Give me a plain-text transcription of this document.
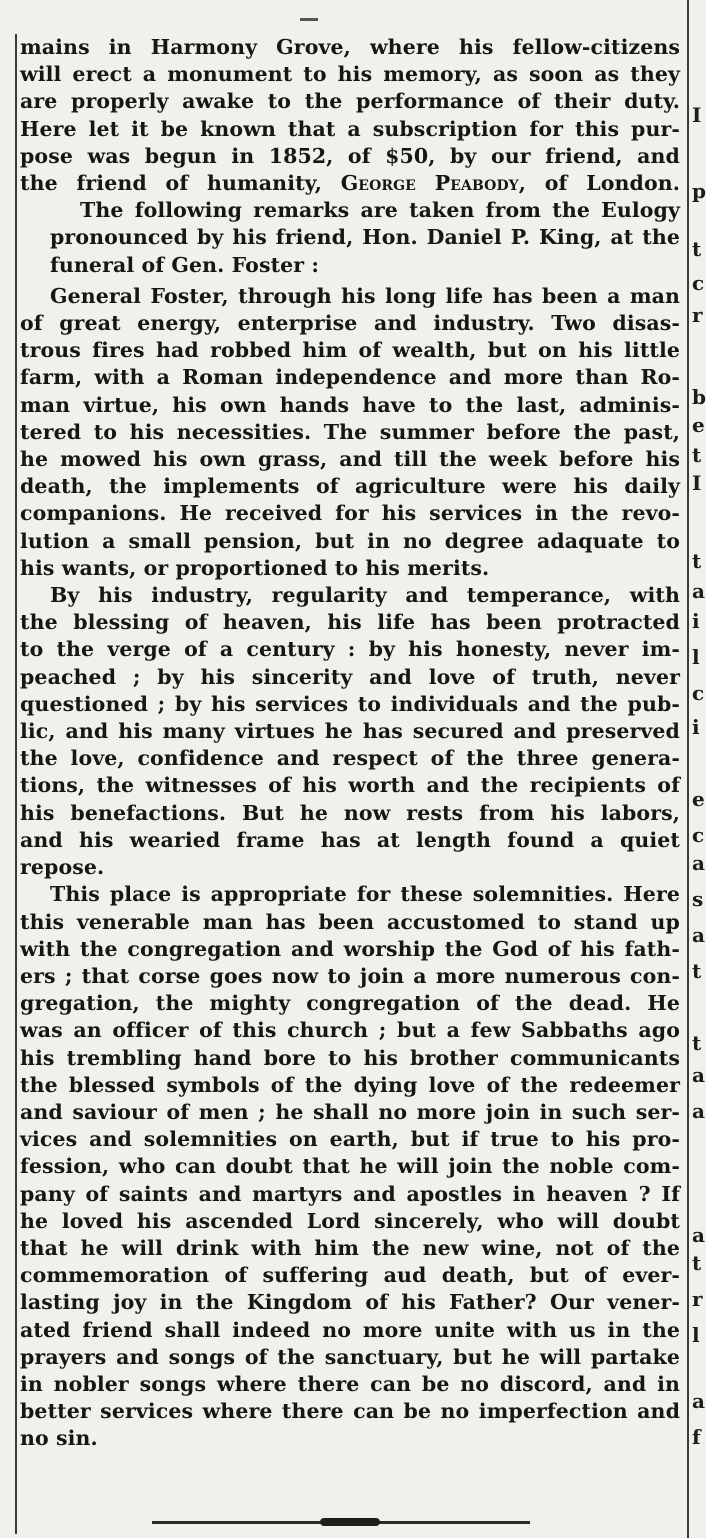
mains in Harmony Grove, where his fellow-citizens
will erect a monument to his memory, as soon as they
are properly awake to the performance of their duty.
Here let it be known that a subscription for this pur-
pose was begun in 1852, of $50, by our friend, and
the friend of humanity, George Peabody, of London.

The following remarks are taken from the Eulogy
pronounced by his friend, Hon. Daniel P. King, at the
funeral of Gen. Foster :

General Foster, through his long life has been a man
of great energy, enterprise and industry. Two disas-
trous fires had robbed him of wealth, but on his little
farm, with a Roman independence and more than Ro-
man virtue, his own hands have to the last, adminis-
tered to his necessities. The summer before the past,
he mowed his own grass, and till the week before his
death, the implements of agriculture were his daily
companions. He received for his services in the revo-
lution a small pension, but in no degree adaquate to
his wants, or proportioned to his merits.

By his industry, regularity and temperance, with
the blessing of heaven, his life has been protracted
to the verge of a century : by his honesty, never im-
peached ; by his sincerity and love of truth, never
questioned ; by his services to individuals and the pub-
lic, and his many virtues he has secured and preserved
the love, confidence and respect of the three genera-
tions, the witnesses of his worth and the recipients of
his benefactions. But he now rests from his labors,
and his wearied frame has at length found a quiet
repose.

This place is appropriate for these solemnities. Here
this venerable man has been accustomed to stand up
with the congregation and worship the God of his fath-
ers ; that corse goes now to join a more numerous con-
gregation, the mighty congregation of the dead. He
was an officer of this church ; but a few Sabbaths ago
his trembling hand bore to his brother communicants
the blessed symbols of the dying love of the redeemer
and saviour of men ; he shall no more join in such ser-
vices and solemnities on earth, but if true to his pro-
fession, who can doubt that he will join the noble com-
pany of saints and martyrs and apostles in heaven ? If
he loved his ascended Lord sincerely, who will doubt
that he will drink with him the new wine, not of the
commemoration of suffering aud death, but of ever-
lasting joy in the Kingdom of his Father? Our vener-
ated friend shall indeed no more unite with us in the
prayers and songs of the sanctuary, but he will partake
in nobler songs where there can be no discord, and in
better services where there can be no imperfection and
no sin.

I
p
t
c
r
b
e
t
I
t
a
i
l
c
i
e
c
a
s
a
t
t
a
a
a
t
r
l
a
f
